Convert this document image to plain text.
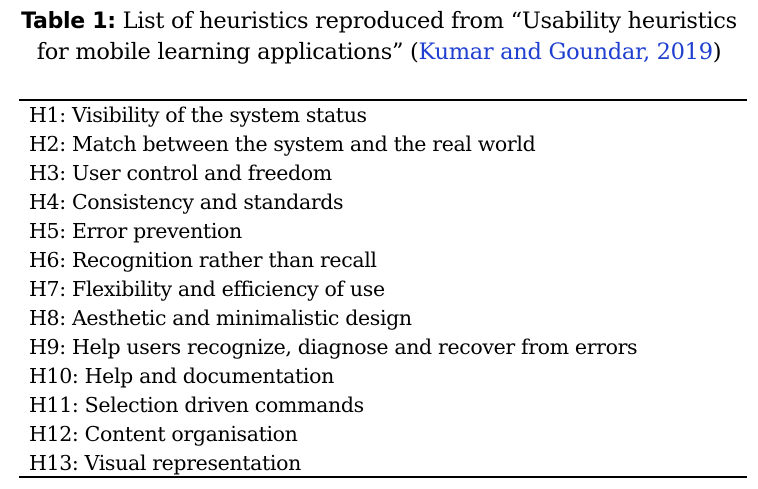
Table 1: List of heuristics reproduced from “Usability heuristics for mobile learning applications” (Kumar and Goundar, 2019)
H1: Visibility of the system status
H2: Match between the system and the real world
H3: User control and freedom
H4: Consistency and standards
H5: Error prevention
H6: Recognition rather than recall
H7: Flexibility and efficiency of use
H8: Aesthetic and minimalistic design
H9: Help users recognize, diagnose and recover from errors
H10: Help and documentation
H11: Selection driven commands
H12: Content organisation
H13: Visual representation
